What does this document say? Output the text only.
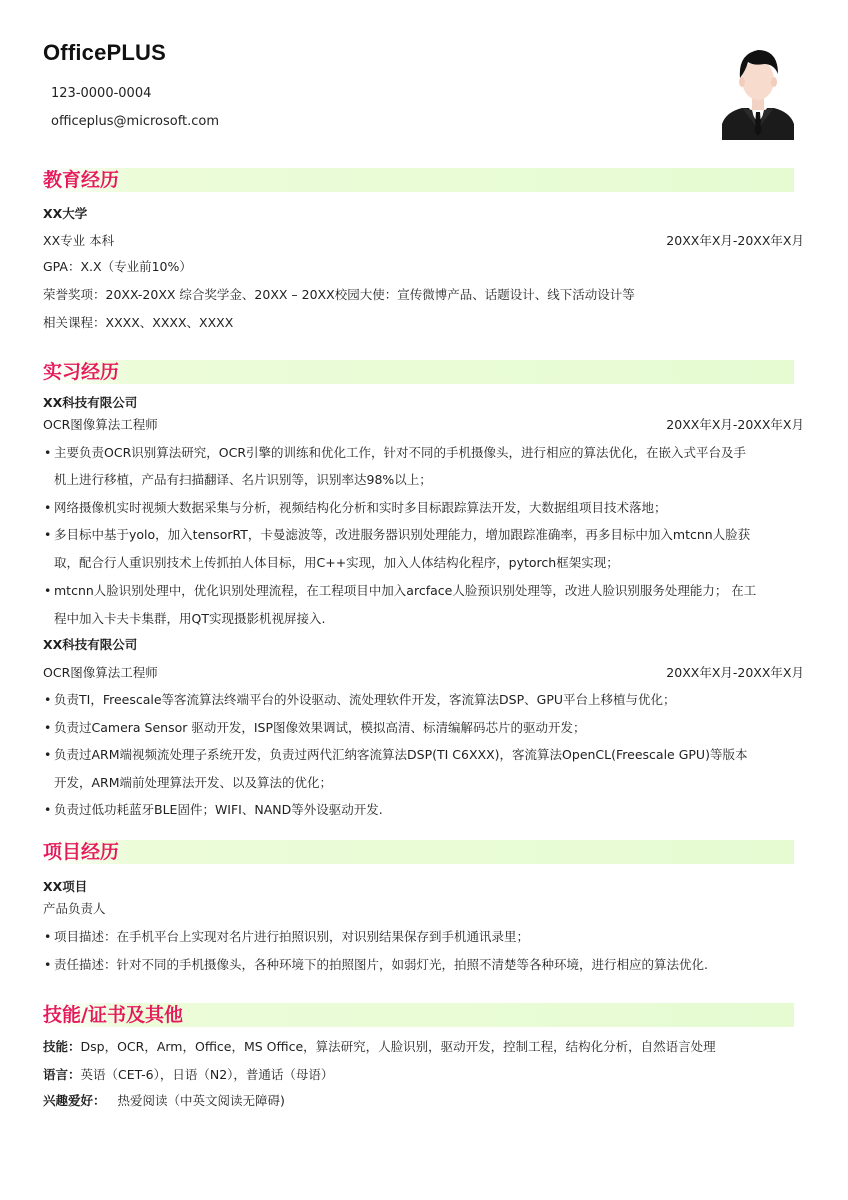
OfficePLUS
123-0000-0004
officeplus@microsoft.com
教育经历
XX大学
XX专业 本科	20XX年X月-20XX年X月
GPA：X.X（专业前10%）
荣誉奖项：20XX-20XX 综合奖学金、20XX – 20XX校园大使：宣传微博产品、话题设计、线下活动设计等
相关课程：XXXX、XXXX、XXXX
实习经历
XX科技有限公司
OCR图像算法工程师	20XX年X月-20XX年X月
• 主要负责OCR识别算法研究，OCR引擎的训练和优化工作，针对不同的手机摄像头，进行相应的算法优化，在嵌入式平台及手
机上进行移植，产品有扫描翻译、名片识别等，识别率达98%以上；
• 网络摄像机实时视频大数据采集与分析，视频结构化分析和实时多目标跟踪算法开发，大数据组项目技术落地；
• 多目标中基于yolo，加入tensorRT，卡曼滤波等，改进服务器识别处理能力，增加跟踪准确率，再多目标中加入mtcnn人脸获
取，配合行人重识别技术上传抓拍人体目标，用C++实现，加入人体结构化程序，pytorch框架实现；
• mtcnn人脸识别处理中，优化识别处理流程，在工程项目中加入arcface人脸预识别处理等，改进人脸识别服务处理能力； 在工
程中加入卡夫卡集群，用QT实现摄影机视屏接入.
XX科技有限公司
OCR图像算法工程师	20XX年X月-20XX年X月
• 负责TI，Freescale等客流算法终端平台的外设驱动、流处理软件开发，客流算法DSP、GPU平台上移植与优化；
• 负责过Camera Sensor 驱动开发，ISP图像效果调试，模拟高清、标清编解码芯片的驱动开发；
• 负责过ARM端视频流处理子系统开发，负责过两代汇纳客流算法DSP(TI C6XXX)，客流算法OpenCL(Freescale GPU)等版本
开发，ARM端前处理算法开发、以及算法的优化；
• 负责过低功耗蓝牙BLE固件；WIFI、NAND等外设驱动开发.
项目经历
XX项目
产品负责人
• 项目描述：在手机平台上实现对名片进行拍照识别，对识别结果保存到手机通讯录里；
• 责任描述：针对不同的手机摄像头，各种环境下的拍照图片，如弱灯光，拍照不清楚等各种环境，进行相应的算法优化.
技能/证书及其他
技能：Dsp，OCR，Arm，Office，MS Office，算法研究，人脸识别，驱动开发，控制工程，结构化分析，自然语言处理
语言：英语（CET-6），日语（N2），普通话（母语）
兴趣爱好： 热爱阅读（中英文阅读无障碍)
